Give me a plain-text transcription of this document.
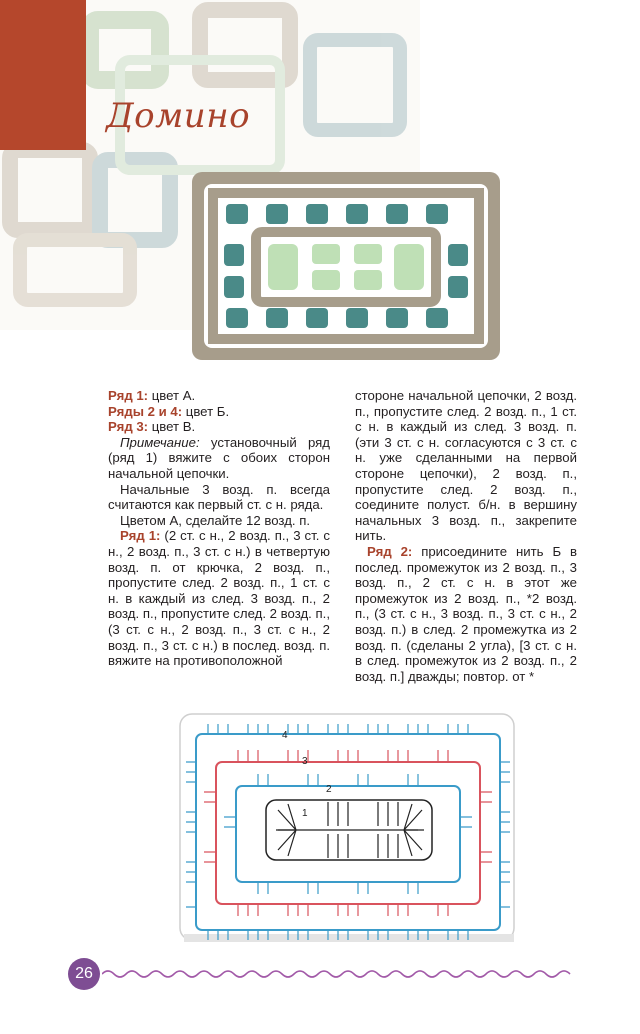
Домино

Ряд 1: цвет А.

Ряды 2 и 4: цвет Б.

Ряд 3: цвет В.

Примечание: установочный ряд (ряд 1) вяжите с обоих сторон начальной цепочки.

Начальные 3 возд. п. всегда считаются как первый ст. с н. ряда.

Цветом А, сделайте 12 возд. п.

Ряд 1: (2 ст. с н., 2 возд. п., 3 ст. с н., 2 возд. п., 3 ст. с н.) в четвертую возд. п. от крючка, 2 возд. п., пропустите след. 2 возд. п., 1 ст. с н. в каждый из след. 3 возд. п., 2 возд. п., пропустите след. 2 возд. п., (3 ст. с н., 2 возд. п., 3 ст. с н., 2 возд. п., 3 ст. с н.) в послед. возд. п. вяжите на противоположной

стороне начальной цепочки, 2 возд. п., пропустите след. 2 возд. п., 1 ст. с н. в каждый из след. 3 возд. п. (эти 3 ст. с н. согласуются с 3 ст. с н. уже сделанными на первой стороне цепочки), 2 возд. п., пропустите след. 2 возд. п., соедините полуст. б/н. в вершину начальных 3 возд. п., закрепите нить.

Ряд 2: присоедините нить Б в послед. промежуток из 2 возд. п., 3 возд. п., 2 ст. с н. в этот же промежуток из 2 возд. п., *2 возд. п., (3 ст. с н., 3 возд. п., 3 ст. с н., 2 возд. п.) в след. 2 промежутка из 2 возд. п. (сделаны 2 угла), [3 ст. с н. в след. промежуток из 2 возд. п., 2 возд. п.] дважды; повтор. от *

1
2
3
4
26
